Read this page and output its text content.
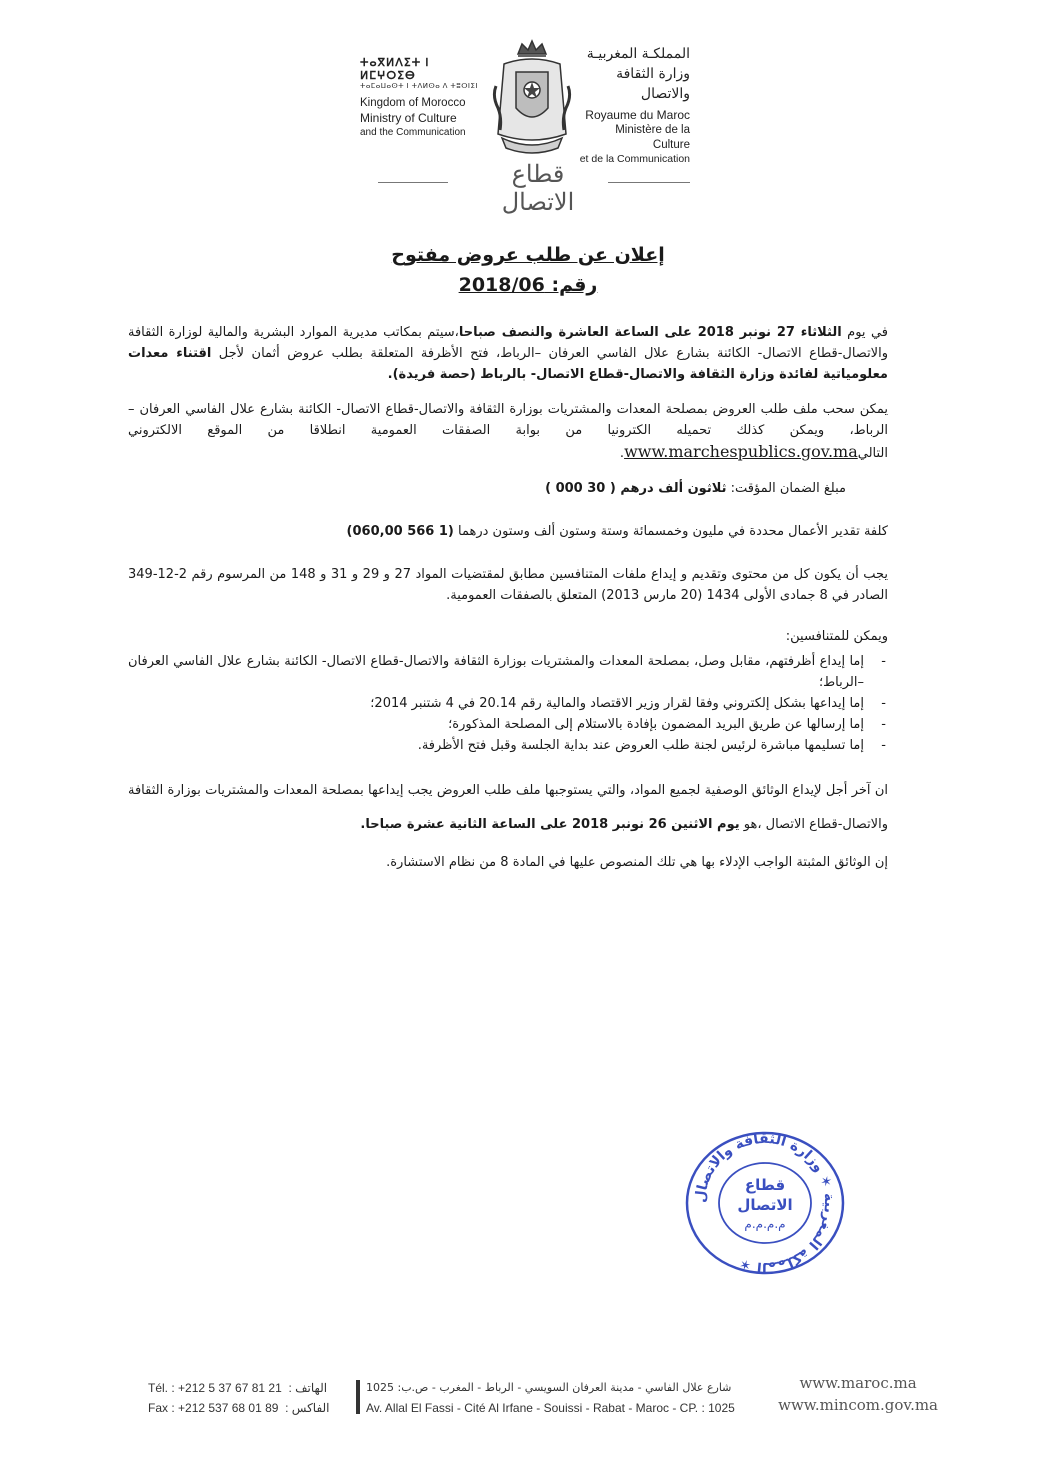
ⵜⴰⴳⵍⴷⵉⵜ ⵏ ⵍⵎⵖⵔⵉⴱ
ⵜⴰⵎⴰⵡⴰⵙⵜ ⵏ ⵜⴷⵍⵙⴰ ⴷ ⵜⵓⵔⵏⵉⵏ
Kingdom of Morocco
Ministry of Culture
and the Communication
المملكـة المغربيـة
وزارة الثقافة والاتصال
Royaume du Maroc
Ministère de la Culture
et de la Communication
قطاع الاتصال
إعلان عن طلب عروض مفتوح
رقم: 2018/06

في يوم الثلاثاء 27 نونبر 2018 على الساعة العاشرة والنصف صباحا،سيتم بمكاتب مديرية الموارد البشرية والمالية لوزارة الثقافة والاتصال-قطاع الاتصال- الكائنة بشارع علال الفاسي العرفان –الرباط، فتح الأظرفة المتعلقة بطلب عروض أثمان لأجل اقتناء معدات معلومياتية لفائدة وزارة الثقافة والاتصال-قطاع الاتصال- بالرباط (حصة فريدة).

يمكن سحب ملف طلب العروض بمصلحة المعدات والمشتريات بوزارة الثقافة والاتصال-قطاع الاتصال- الكائنة بشارع علال الفاسي العرفان –الرباط، ويمكن كذلك تحميله الكترونيا من بوابة الصفقات العمومية انطلاقا من الموقع الالكتروني التاليwww.marchespublics.gov.ma.

مبلغ الضمان المؤقت: ثلاثون ألف درهم ( 30 000 )

كلفة تقدير الأعمال محددة في مليون وخمسمائة وستة وستون ألف وستون درهما (1 566 060,00)

يجب أن يكون كل من محتوى وتقديم و إيداع ملفات المتنافسين مطابق لمقتضيات المواد 27 و 29 و 31 و 148 من المرسوم رقم 2-12-349 الصادر في 8 جمادى الأولى 1434 (20 مارس 2013) المتعلق بالصفقات العمومية.

ويمكن للمتنافسين:

- إما إيداع أظرفتهم، مقابل وصل، بمصلحة المعدات والمشتريات بوزارة الثقافة والاتصال-قطاع الاتصال- الكائنة بشارع علال الفاسي العرفان –الرباط؛
- إما إيداعها بشكل إلكتروني وفقا لقرار وزير الاقتصاد والمالية رقم 20.14 في 4 شتنبر 2014؛
- إما إرسالها عن طريق البريد المضمون بإفادة بالاستلام إلى المصلحة المذكورة؛
- إما تسليمها مباشرة لرئيس لجنة طلب العروض عند بداية الجلسة وقبل فتح الأظرفة.

ان آخر أجل لإيداع الوثائق الوصفية لجميع المواد، والتي يستوجبها ملف طلب العروض يجب إيداعها بمصلحة المعدات والمشتريات بوزارة الثقافة والاتصال-قطاع الاتصال ،هو يوم الاثنين 26 نونبر 2018 على الساعة الثانية عشرة صباحا.

إن الوثائق المثبتة الواجب الإدلاء بها هي تلك المنصوص عليها في المادة 8 من نظام الاستشارة.

المملكة المغربية ✶ وزارة الثقافة والاتصال ✶
قطاع
الاتصال
م.م.م.م
Tél. : +212 5 37 67 81 21 : الهاتف
Fax : +212 537 68 01 89 : الفاكس
شارع علال الفاسي - مدينة العرفان السويسي - الرباط - المغرب - ص.ب: 1025
Av. Allal El Fassi - Cité Al Irfane - Souissi - Rabat - Maroc - CP. : 1025
www.maroc.ma
www.mincom.gov.ma
